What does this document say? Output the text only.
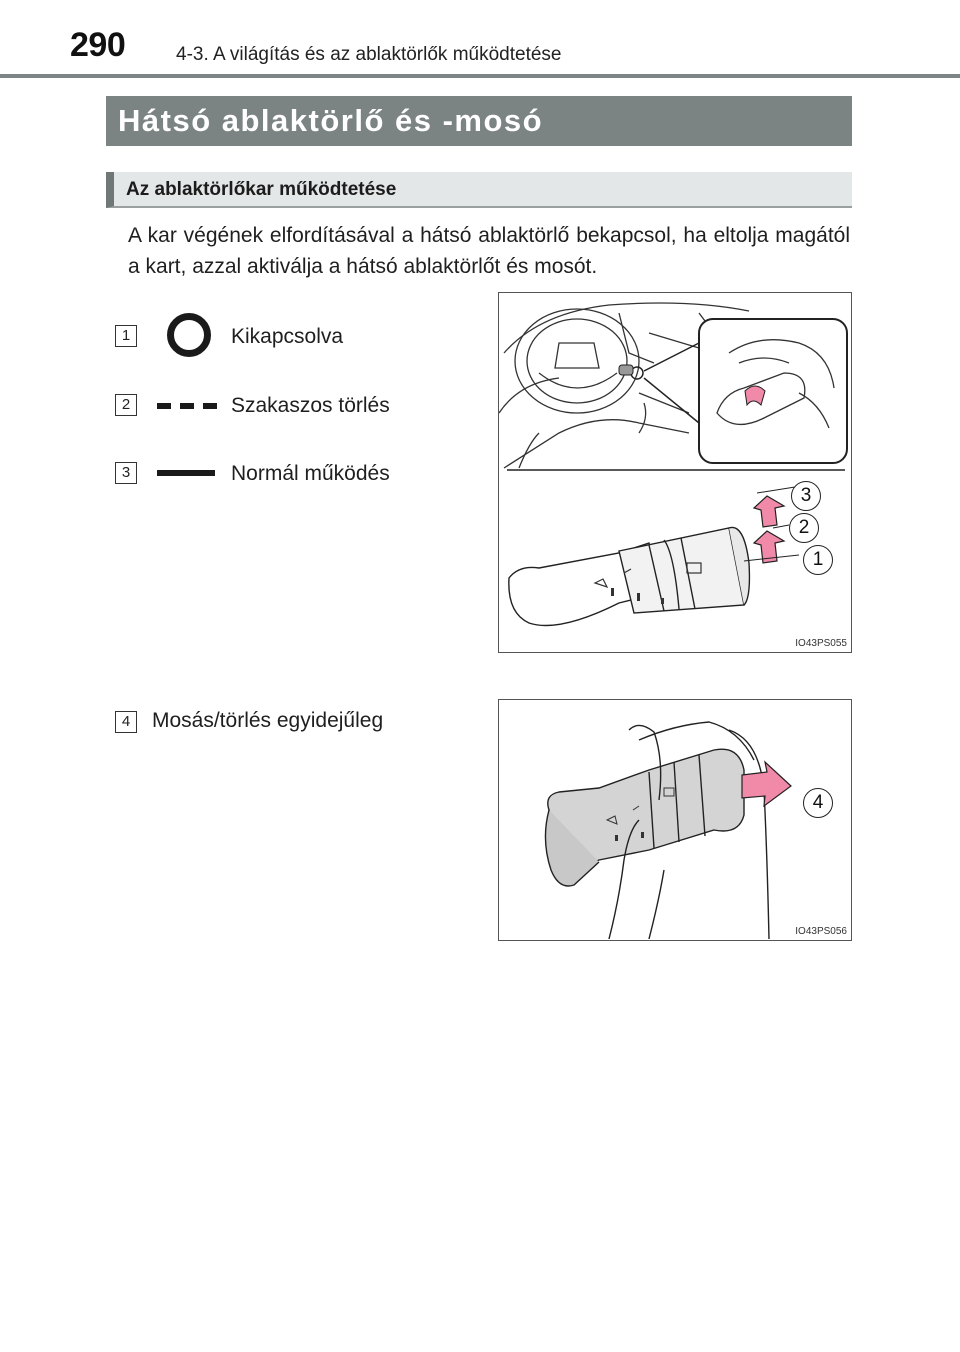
290	4-3. A világítás és az ablaktörlők működtetése
Hátsó ablaktörlő és -mosó
Az ablaktörlőkar működtetése
A kar végének elfordításával a hátsó ablaktörlő bekapcsol, ha eltolja magától a kart, azzal aktiválja a hátsó ablaktörlőt és mosót.
1	Kikapcsolva
2	Szakaszos törlés
3	Normál működés
3
2
1
IO43PS055
4	Mosás/törlés egyidejűleg
4
IO43PS056
